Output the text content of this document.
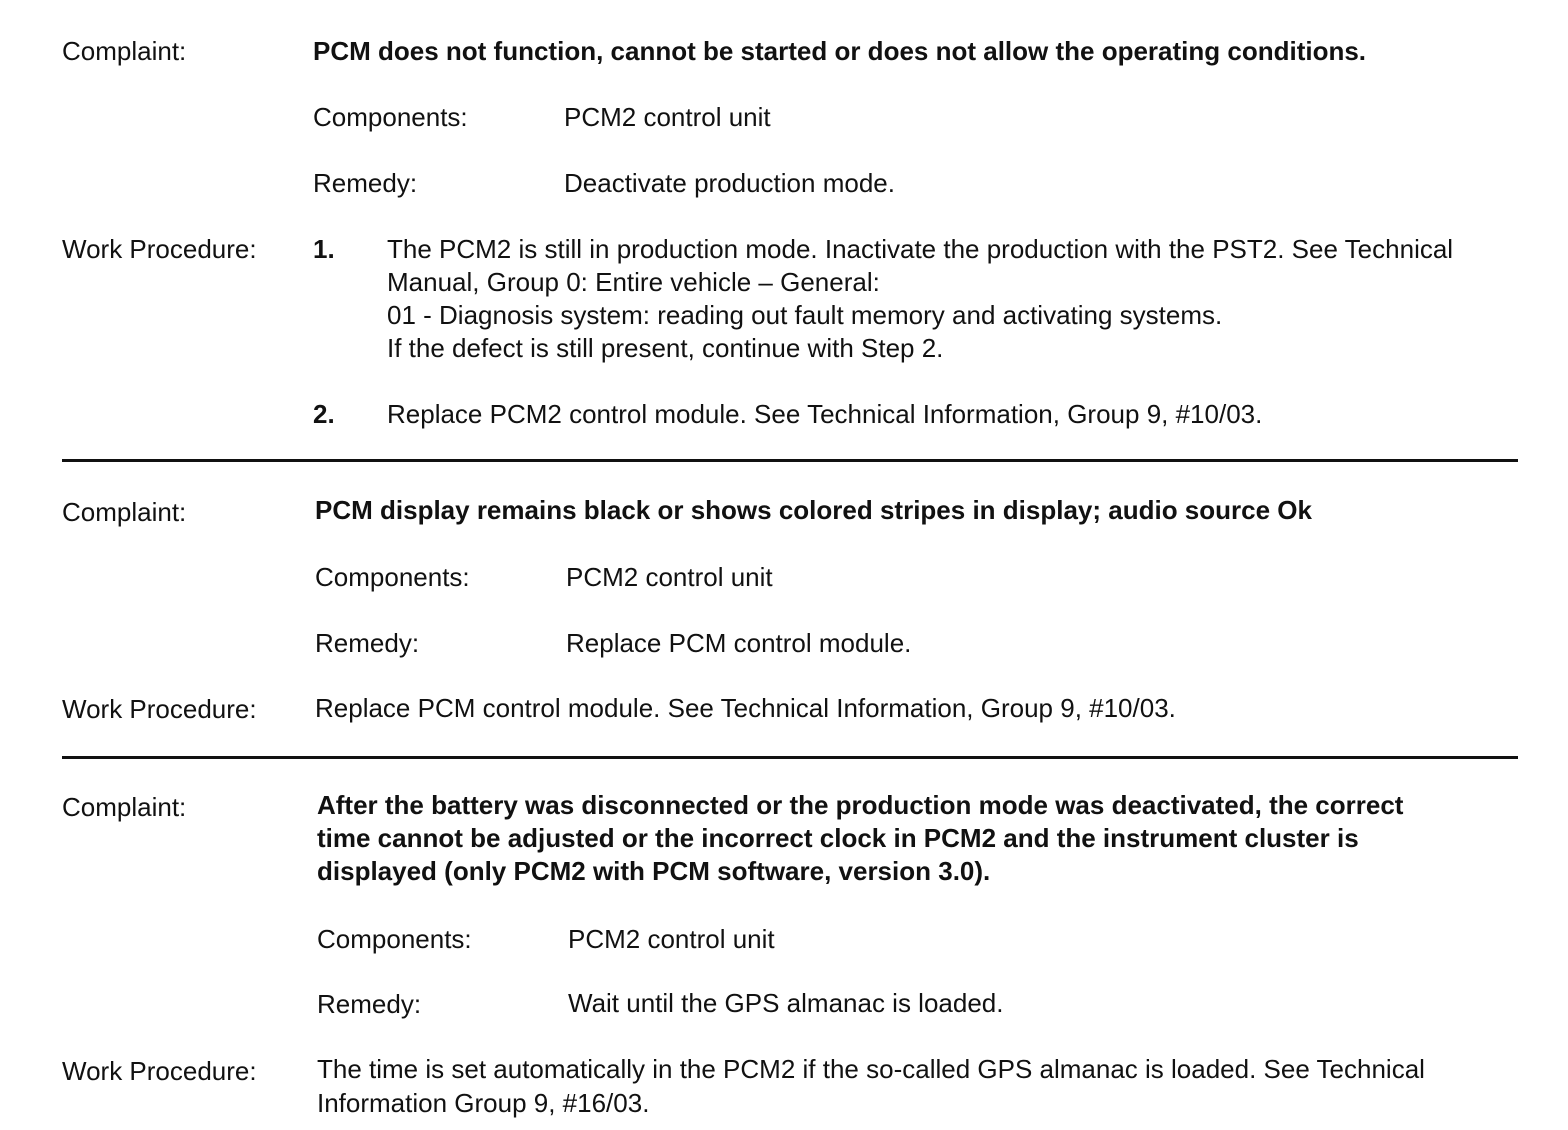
Complaint:	PCM does not function, cannot be started or does not allow the operating conditions.
Components:	PCM2 control unit
Remedy:	Deactivate production mode.
Work Procedure:	1. The PCM2 is still in production mode. Inactivate the production with the PST2. See Technical
Manual, Group 0: Entire vehicle – General:
01 - Diagnosis system: reading out fault memory and activating systems.
If the defect is still present, continue with Step 2.
2. Replace PCM2 control module. See Technical Information, Group 9, #10/03.
Complaint:	PCM display remains black or shows colored stripes in display; audio source Ok
Components:	PCM2 control unit
Remedy:	Replace PCM control module.
Work Procedure:	Replace PCM control module. See Technical Information, Group 9, #10/03.
Complaint:	After the battery was disconnected or the production mode was deactivated, the correct
time cannot be adjusted or the incorrect clock in PCM2 and the instrument cluster is
displayed (only PCM2 with PCM software, version 3.0).
Components:	PCM2 control unit
Remedy:	Wait until the GPS almanac is loaded.
Work Procedure:	The time is set automatically in the PCM2 if the so-called GPS almanac is loaded. See Technical
Information Group 9, #16/03.
